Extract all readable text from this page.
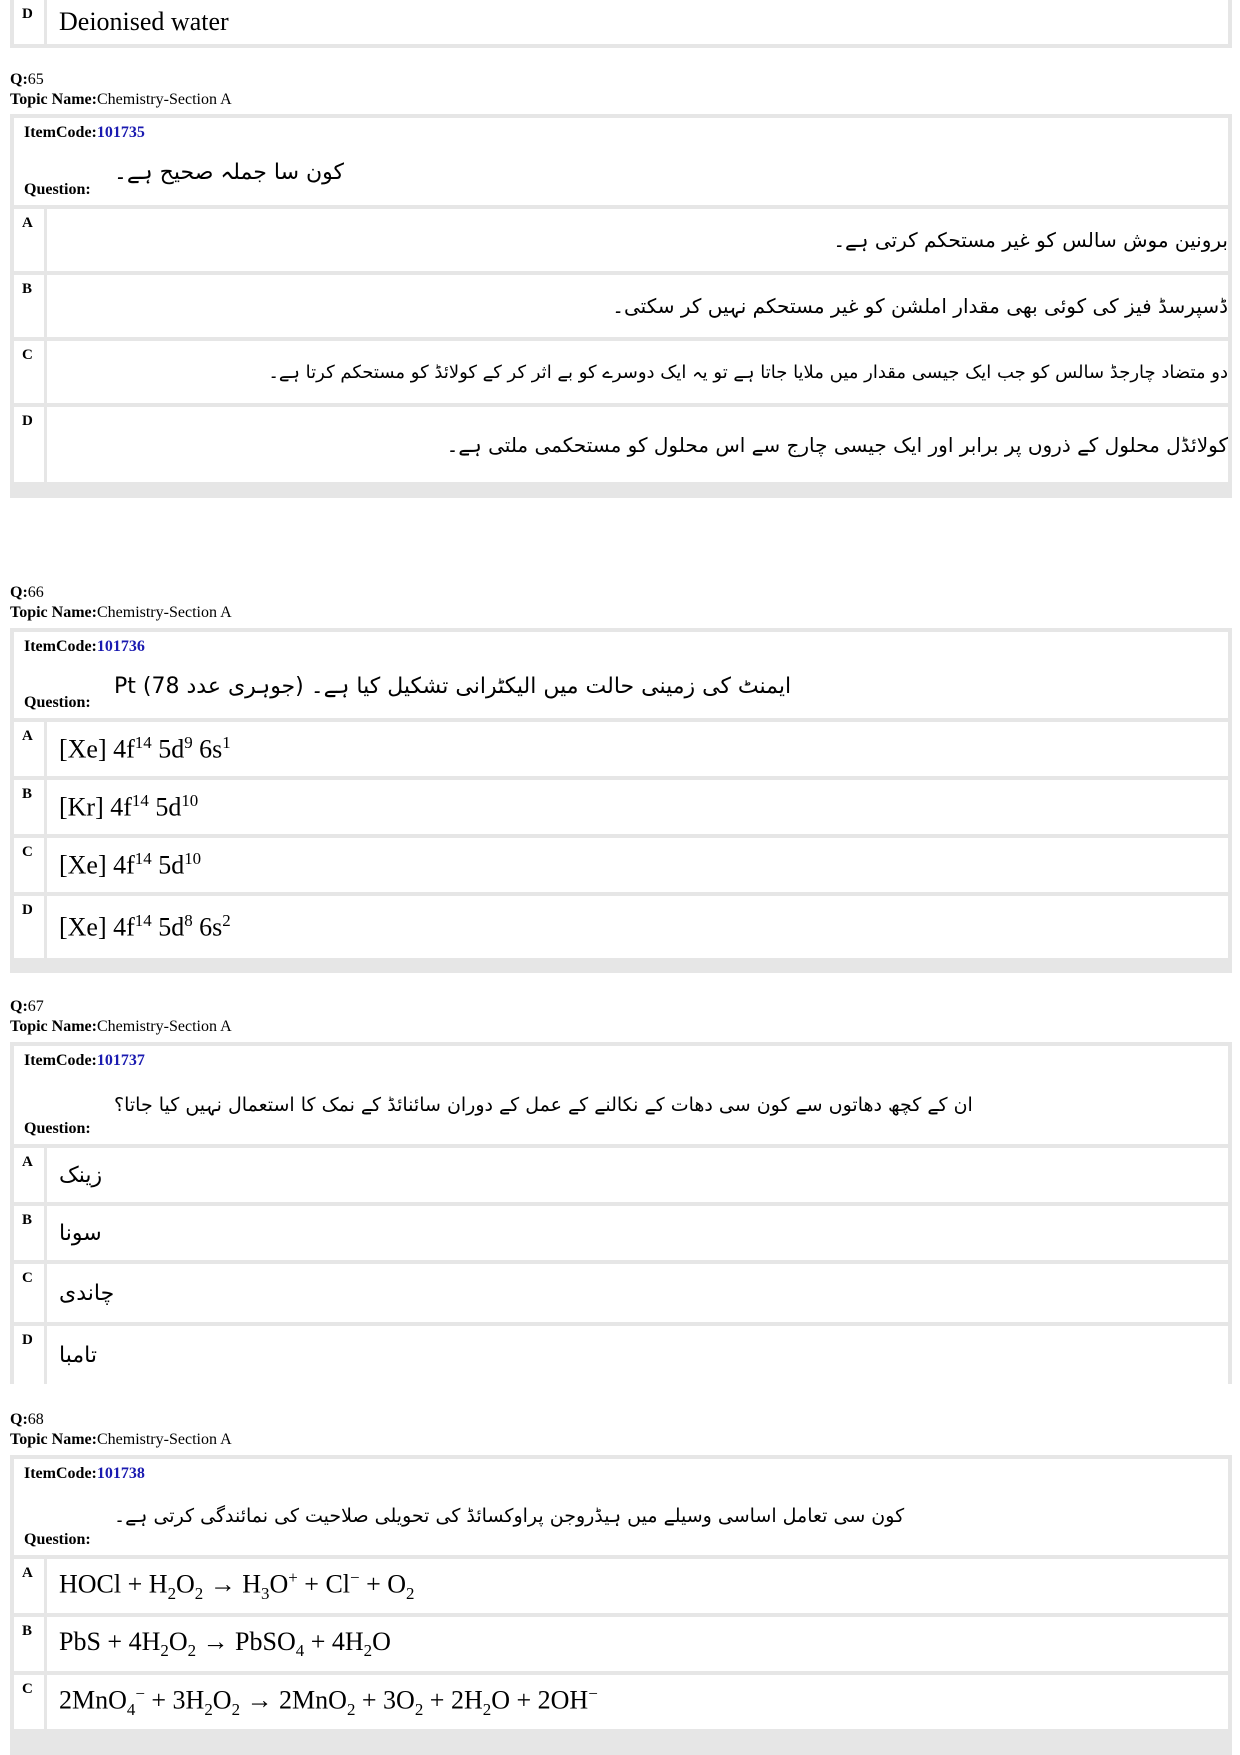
D	Deionised water
Q:65
Topic Name:Chemistry-Section A
ItemCode:101735
Question:
کون سا جملہ صحیح ہے۔
A
برونین موش سالس کو غیر مستحکم کرتی ہے۔
B
ڈسپرسڈ فیز کی کوئی بھی مقدار املشن کو غیر مستحکم نہیں کر سکتی۔
C
دو متضاد چارجڈ سالس کو جب ایک جیسی مقدار میں ملایا جاتا ہے تو یہ ایک دوسرے کو بے اثر کر کے کولائڈ کو مستحکم کرتا ہے۔
D
کولائڈل محلول کے ذروں پر برابر اور ایک جیسی چارج سے اس محلول کو مستحکمی ملتی ہے۔
Q:66
Topic Name:Chemistry-Section A
ItemCode:101736
Question:
Pt ایمنٹ کی زمینی حالت میں الیکٹرانی تشکیل کیا ہے۔ (جوہری عدد 78)
A	[Xe] $4f^{14}$ $5d^9$ $6s^1$
B	[Kr] $4f^{14}$ $5d^{10}$
C	[Xe] $4f^{14}$ $5d^{10}$
D
[Xe] $4f^{14}$ $5d^8$ $6s^2$
Q:67
Topic Name:Chemistry-Section A
ItemCode:101737
Question:
ان کے کچھ دھاتوں سے کون سی دھات کے نکالنے کے عمل کے دوران سائنائڈ کے نمک کا استعمال نہیں کیا جاتا؟
A
زینک
B
سونا
C
چاندی
D
تامبا
Q:68
Topic Name:Chemistry-Section A
ItemCode:101738
Question:
کون سی تعامل اساسی وسیلے میں ہیڈروجن پراوکسائڈ کی تحویلی صلاحیت کی نمائندگی کرتی ہے۔
A	HOCl + $H_2O_2 \to H_3O^+ + Cl^- + O_2$
B	PbS + $4H_2O_2$ → PbSO$_4$ + $4H_2O$
C	$2MnO_4^- + 3H_2O_2 \to 2MnO_2 + 3O_2 + 2H_2O + 2OH^-$
